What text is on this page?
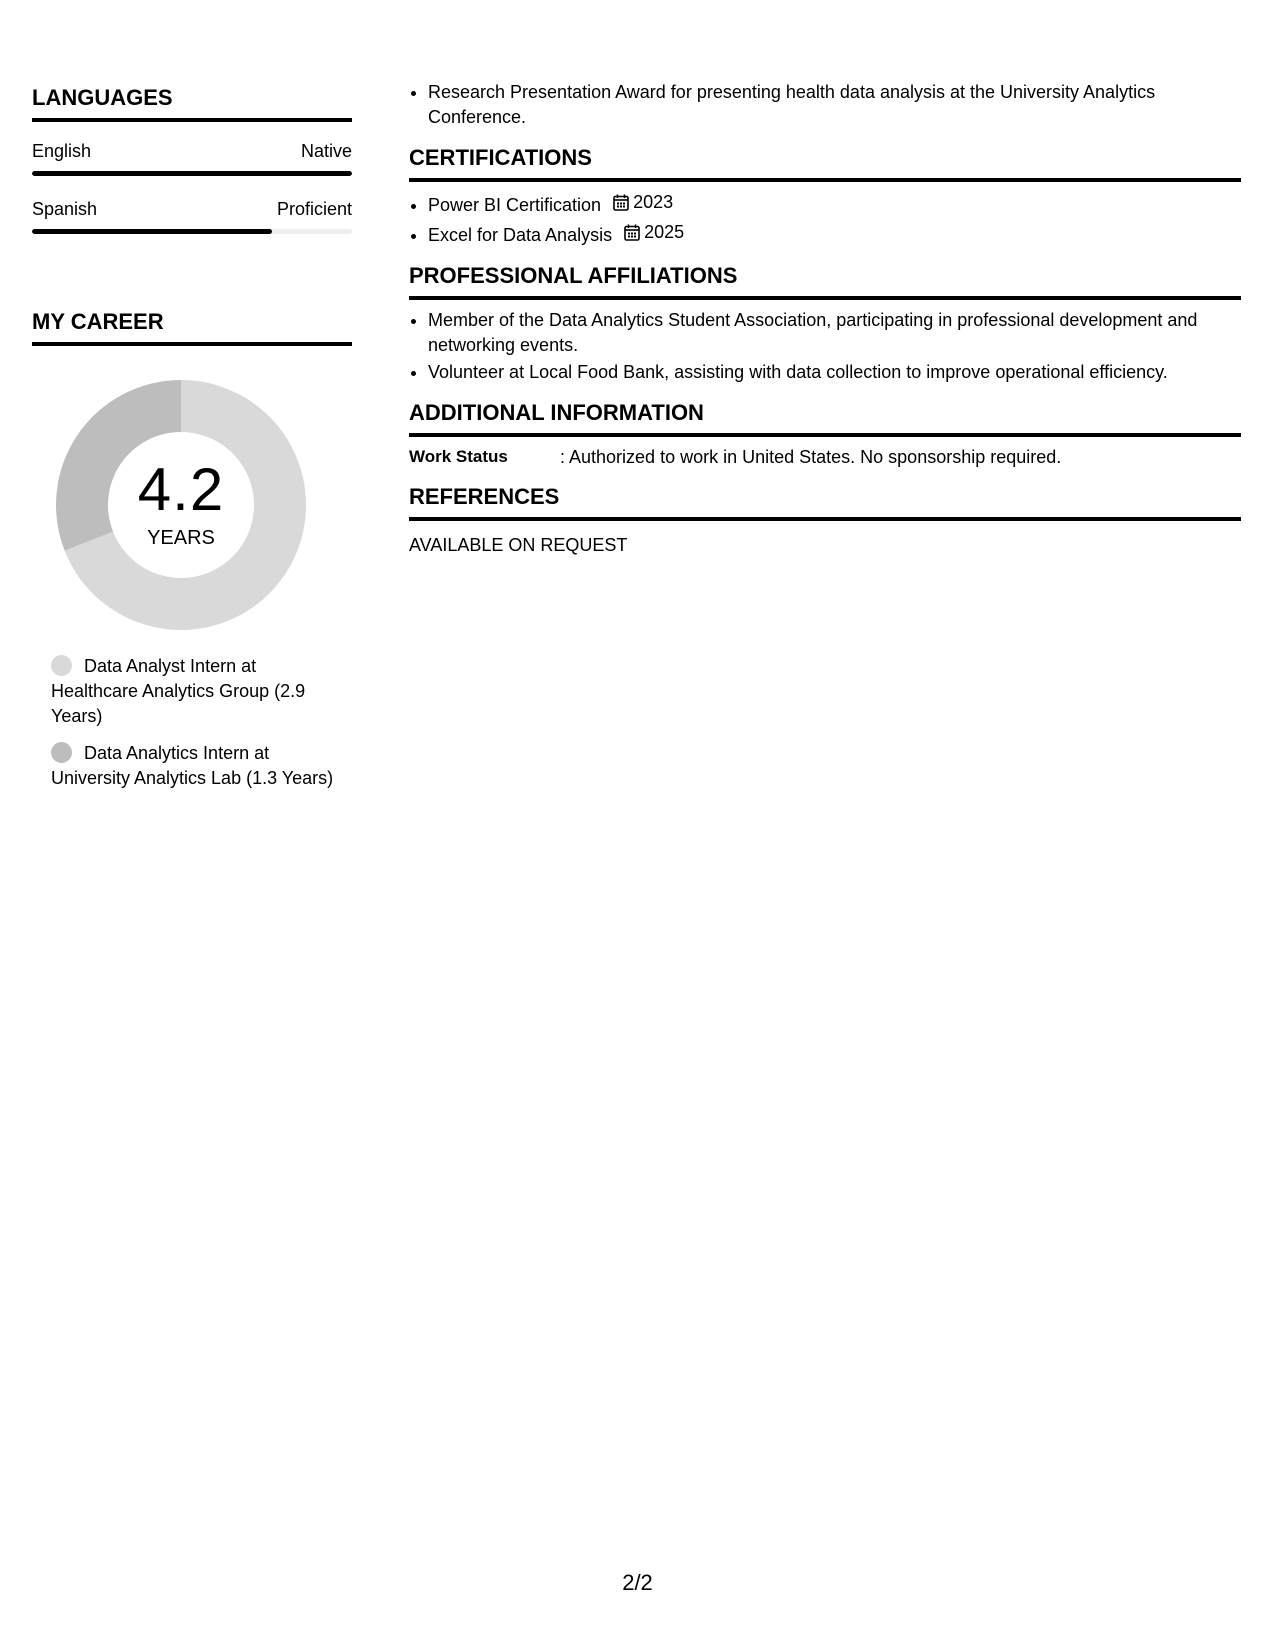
LANGUAGES
English	Native
Spanish	Proficient
MY CAREER
4.2
YEARS
Data Analyst Intern at Healthcare Analytics Group (2.9 Years)
Data Analytics Intern at University Analytics Lab (1.3 Years)
• Research Presentation Award for presenting health data analysis at the University Analytics Conference.
CERTIFICATIONS
• Power BI Certification 2023
• Excel for Data Analysis 2025
PROFESSIONAL AFFILIATIONS
• Member of the Data Analytics Student Association, participating in professional development and networking events.
• Volunteer at Local Food Bank, assisting with data collection to improve operational efficiency.
ADDITIONAL INFORMATION
Work Status	: Authorized to work in United States. No sponsorship required.
REFERENCES
AVAILABLE ON REQUEST
2/2
